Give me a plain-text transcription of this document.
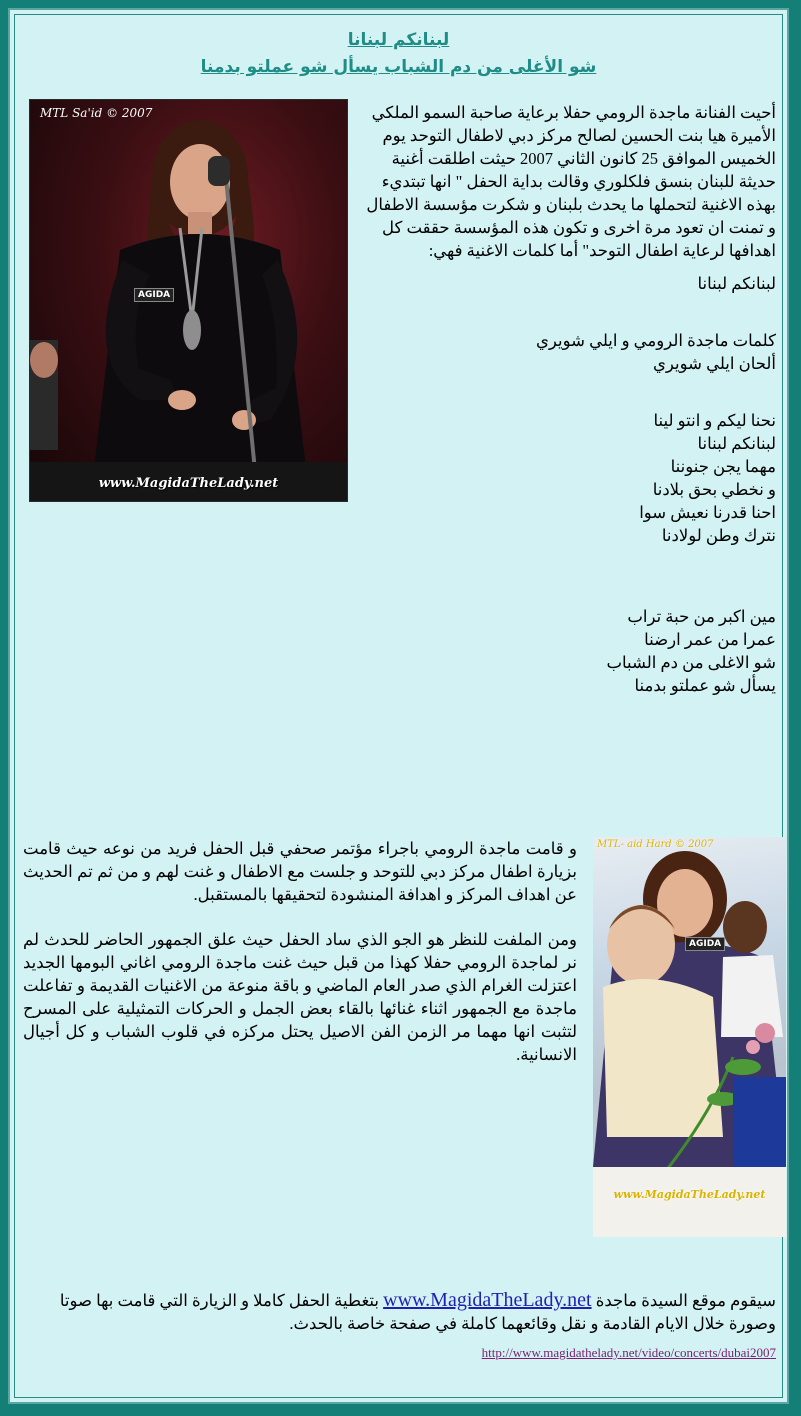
لبنانكم لبنانا
شو الأغلى من دم الشباب يسأل شو عملتو بدمنا
MTL Sa'id © 2007
AGIDA
www.MagidaTheLady.net

أحيت الفنانة ماجدة الرومي حفلا برعاية صاحبة السمو الملكي الأميرة هيا بنت الحسين لصالح مركز دبي لاطفال التوحد يوم الخميس الموافق 25 كانون الثاني 2007 حيثت اطلقت أغنية حديثة للبنان بنسق فلكلوري وقالت بداية الحفل " انها تبتديء بهذه الاغنية لتحملها ما يحدث بلبنان و شكرت مؤسسة الاطفال و تمنت ان تعود مرة اخرى و تكون هذه المؤسسة حققت كل اهدافها لرعاية اطفال التوحد" أما كلمات الاغنية فهي:

لبنانكم لبنانا

كلمات ماجدة الرومي و ايلي شويري
ألحان ايلي شويري
نحنا ليكم و انتو لينا
لبنانكم لبنانا
مهما يجن جنوننا
و نخطي بحق بلادنا
احنا قدرنا نعيش سوا
نترك وطن لولادنا
مين اكبر من حبة تراب
عمرا من عمر ارضنا
شو الاغلى من دم الشباب
يسأل شو عملتو بدمنا
MTL- aid Hard © 2007
AGIDA
www.MagidaTheLady.net

و قامت ماجدة الرومي باجراء مؤتمر صحفي قبل الحفل فريد من نوعه حيث قامت بزيارة اطفال مركز دبي للتوحد و جلست مع الاطفال و غنت لهم و من ثم تم الحديث عن اهداف المركز و اهدافة المنشودة لتحقيقها بالمستقبل.

ومن الملفت للنظر هو الجو الذي ساد الحفل حيث علق الجمهور الحاضر للحدث لم نر لماجدة الرومي حفلا كهذا من قبل حيث غنت ماجدة الرومي اغاني البومها الجديد اعتزلت الغرام الذي صدر العام الماضي و باقة منوعة من الاغنيات القديمة و تفاعلت ماجدة مع الجمهور اثناء غنائها بالقاء بعض الجمل و الحركات التمثيلية على المسرح لتثبت انها مهما مر الزمن الفن الاصيل يحتل مركزه في قلوب الشباب و كل أجيال الانسانية.

سيقوم موقع السيدة ماجدة www.MagidaTheLady.net بتغطية الحفل كاملا و الزيارة التي قامت بها صوتا وصورة خلال الايام القادمة و نقل وقائعهما كاملة في صفحة خاصة بالحدث.
http://www.magidathelady.net/video/concerts/dubai2007
